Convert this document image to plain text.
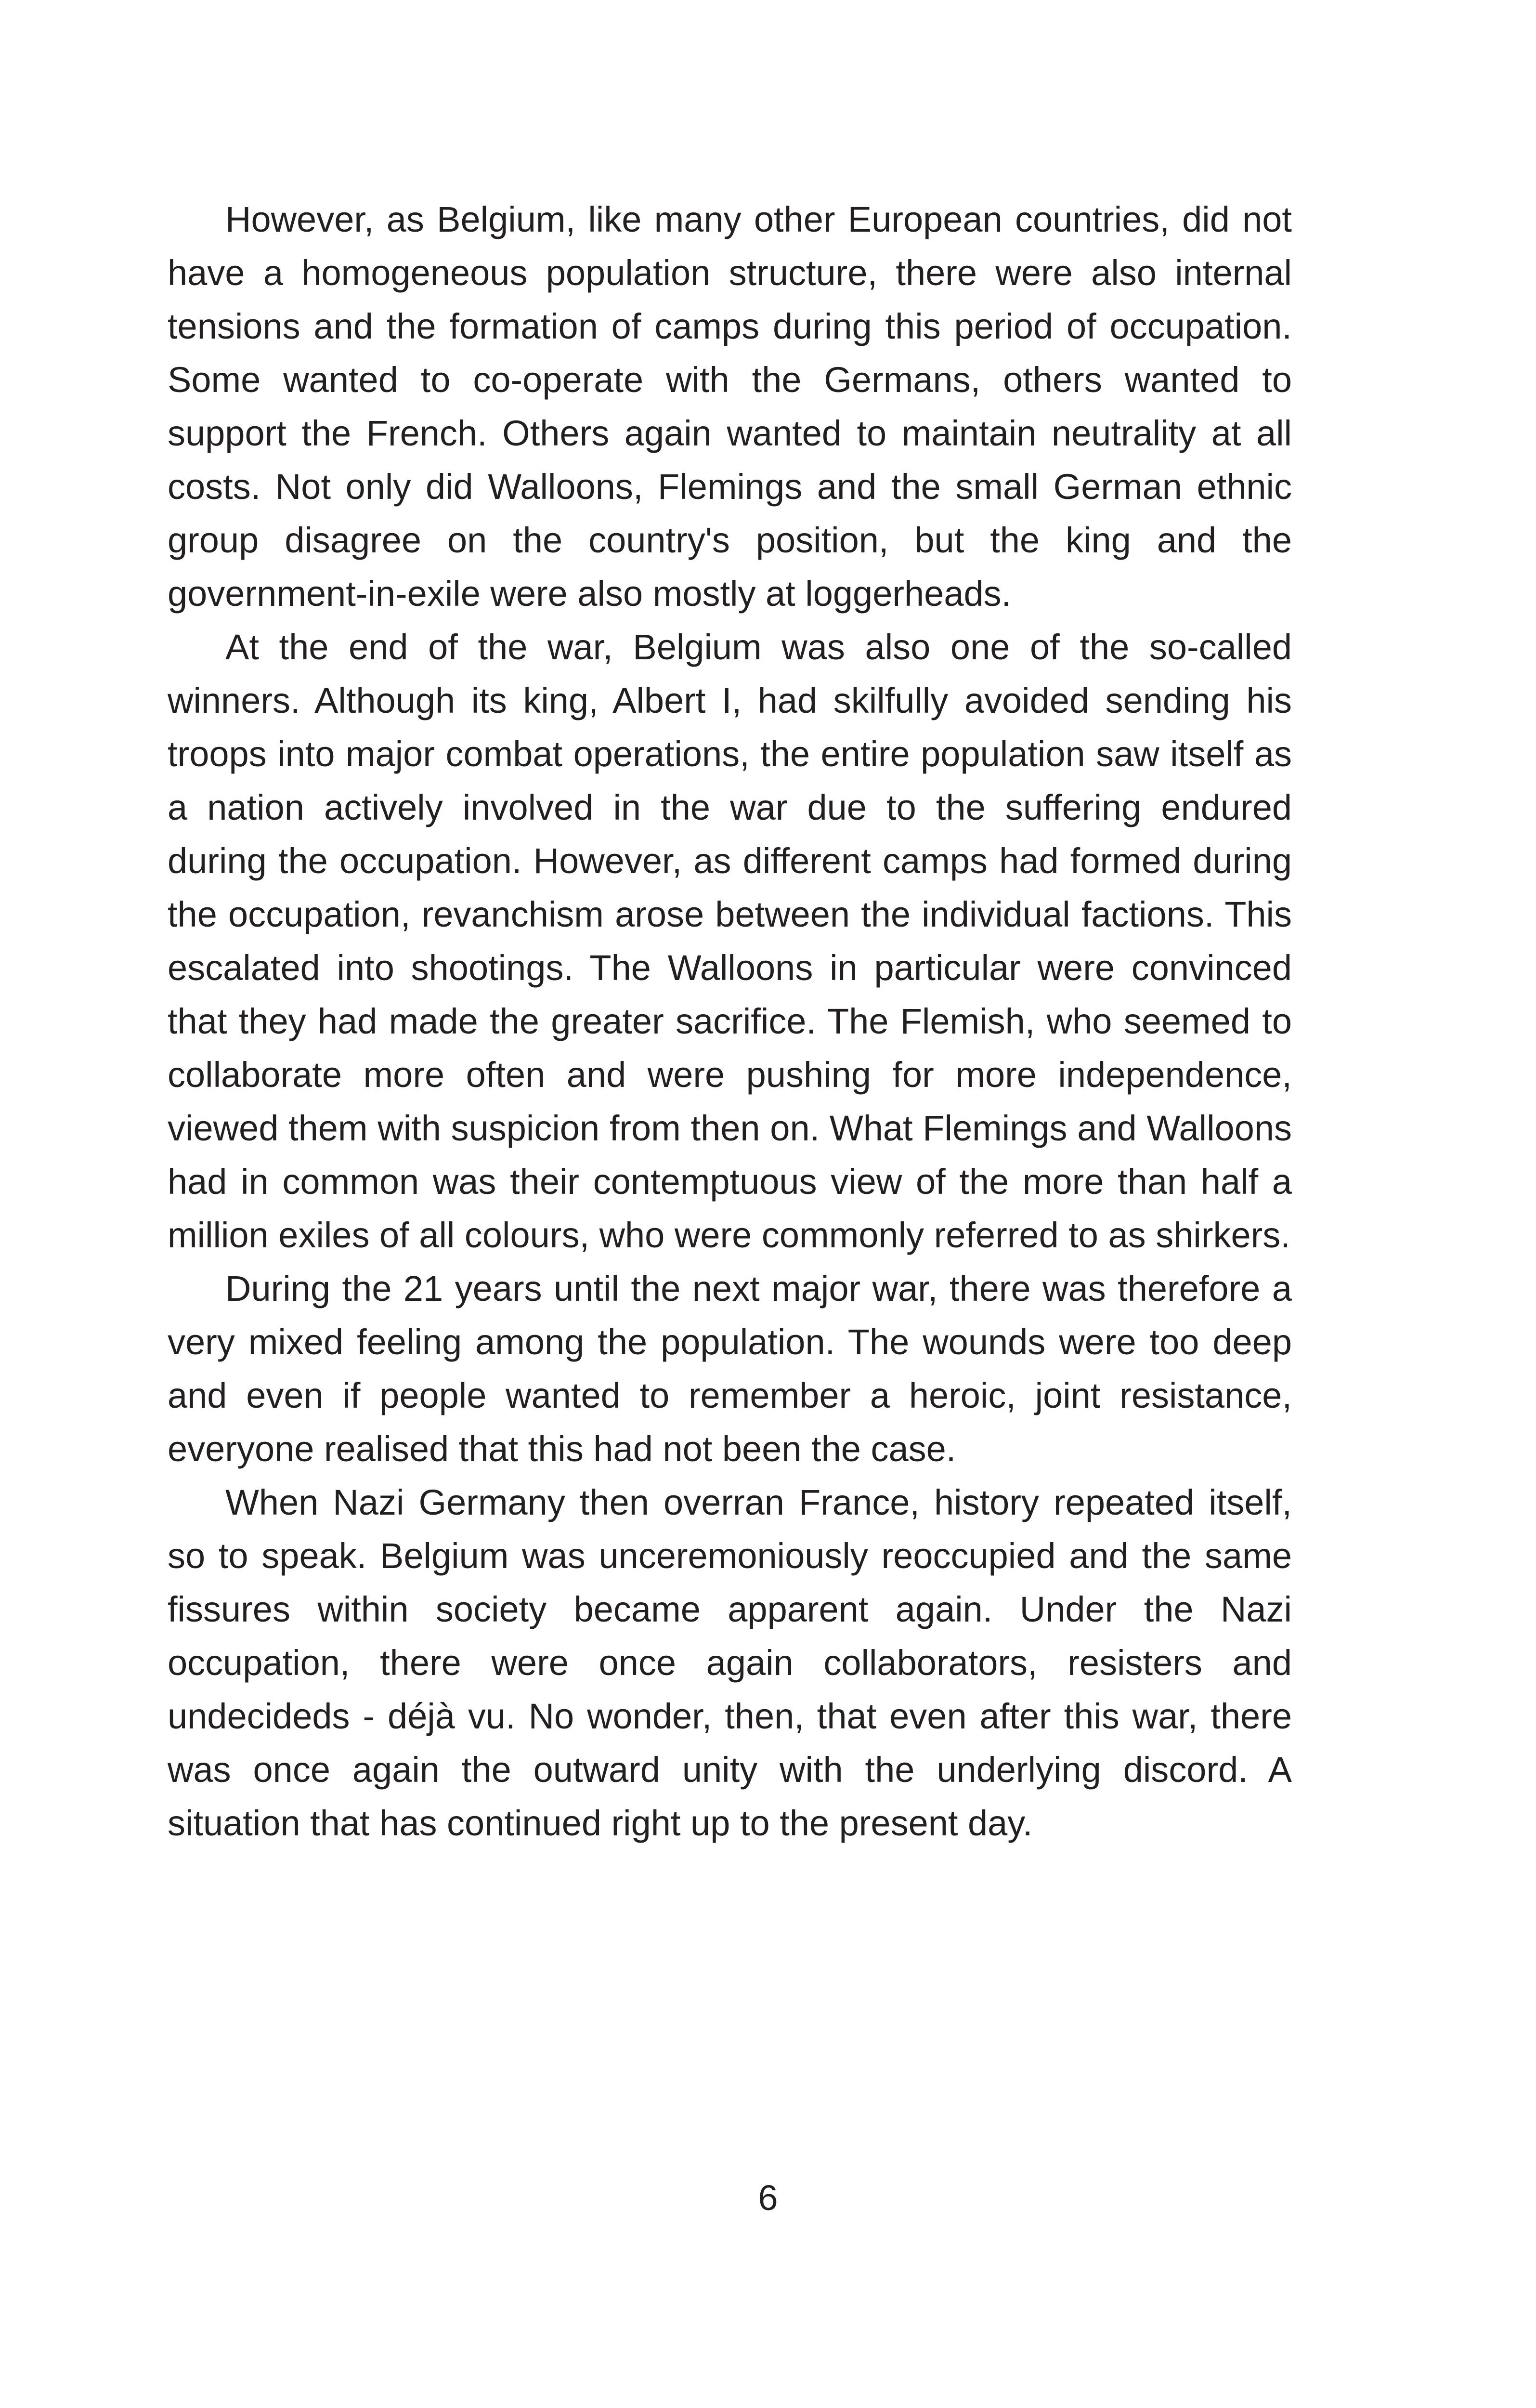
However, as Belgium, like many other European countries, did not have a homogeneous population structure, there were also internal tensions and the formation of camps during this period of occupation. Some wanted to co-operate with the Germans, others wanted to support the French. Others again wanted to maintain neutrality at all costs. Not only did Walloons, Flemings and the small German ethnic group disagree on the country's position, but the king and the government-in-exile were also mostly at loggerheads.

At the end of the war, Belgium was also one of the so-called winners. Although its king, Albert I, had skilfully avoided sending his troops into major combat operations, the entire population saw itself as a nation actively involved in the war due to the suffering endured during the occupation. However, as different camps had formed during the occupation, revanchism arose between the individual factions. This escalated into shootings. The Walloons in particular were convinced that they had made the greater sacrifice. The Flemish, who seemed to collaborate more often and were pushing for more independence, viewed them with suspicion from then on. What Flemings and Walloons had in common was their contemptuous view of the more than half a million exiles of all colours, who were commonly referred to as shirkers.

During the 21 years until the next major war, there was therefore a very mixed feeling among the population. The wounds were too deep and even if people wanted to remember a heroic, joint resistance, everyone realised that this had not been the case.

When Nazi Germany then overran France, history repeated itself, so to speak. Belgium was unceremoniously reoccupied and the same fissures within society became apparent again. Under the Nazi occupation, there were once again collaborators, resisters and undecideds - déjà vu. No wonder, then, that even after this war, there was once again the outward unity with the underlying discord. A situation that has continued right up to the present day.

6
